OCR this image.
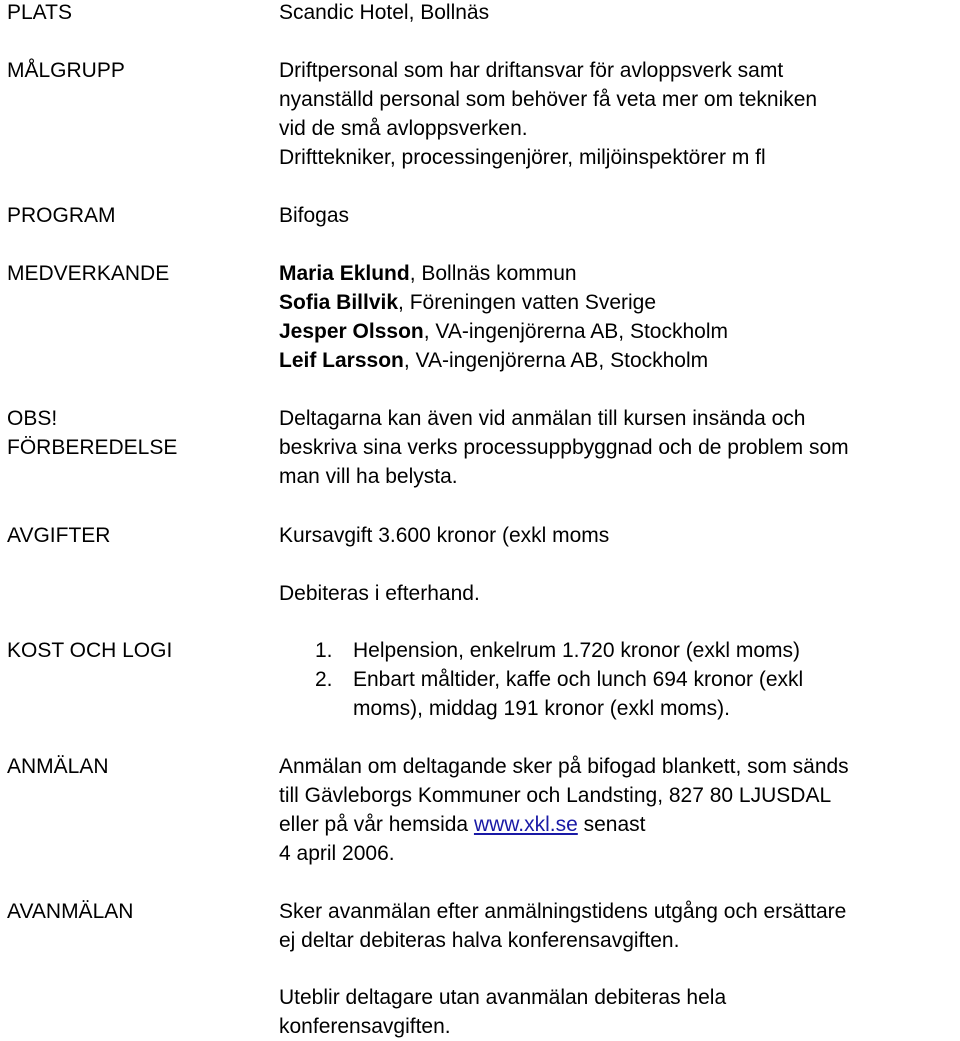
PLATS
MÅLGRUPP
PROGRAM
MEDVERKANDE
OBS!
FÖRBEREDELSE
AVGIFTER
KOST OCH LOGI
ANMÄLAN
AVANMÄLAN
Scandic Hotel, Bollnäs
Driftpersonal som har driftansvar för avloppsverk samt
nyanställd personal som behöver få veta mer om tekniken
vid de små avloppsverken.
Drifttekniker, processingenjörer, miljöinspektörer m fl
Bifogas
Maria Eklund, Bollnäs kommun
Sofia Billvik, Föreningen vatten Sverige
Jesper Olsson, VA-ingenjörerna AB, Stockholm
Leif Larsson, VA-ingenjörerna AB, Stockholm
Deltagarna kan även vid anmälan till kursen insända och
beskriva sina verks processuppbyggnad och de problem som
man vill ha belysta.
Kursavgift 3.600 kronor (exkl moms
Debiteras i efterhand.
1. Helpension, enkelrum 1.720 kronor (exkl moms)
2. Enbart måltider, kaffe och lunch 694 kronor (exkl
moms), middag 191 kronor (exkl moms).
Anmälan om deltagande sker på bifogad blankett, som sänds
till Gävleborgs Kommuner och Landsting, 827 80 LJUSDAL
eller på vår hemsida www.xkl.se senast
4 april 2006.
Sker avanmälan efter anmälningstidens utgång och ersättare
ej deltar debiteras halva konferensavgiften.
Uteblir deltagare utan avanmälan debiteras hela
konferensavgiften.
